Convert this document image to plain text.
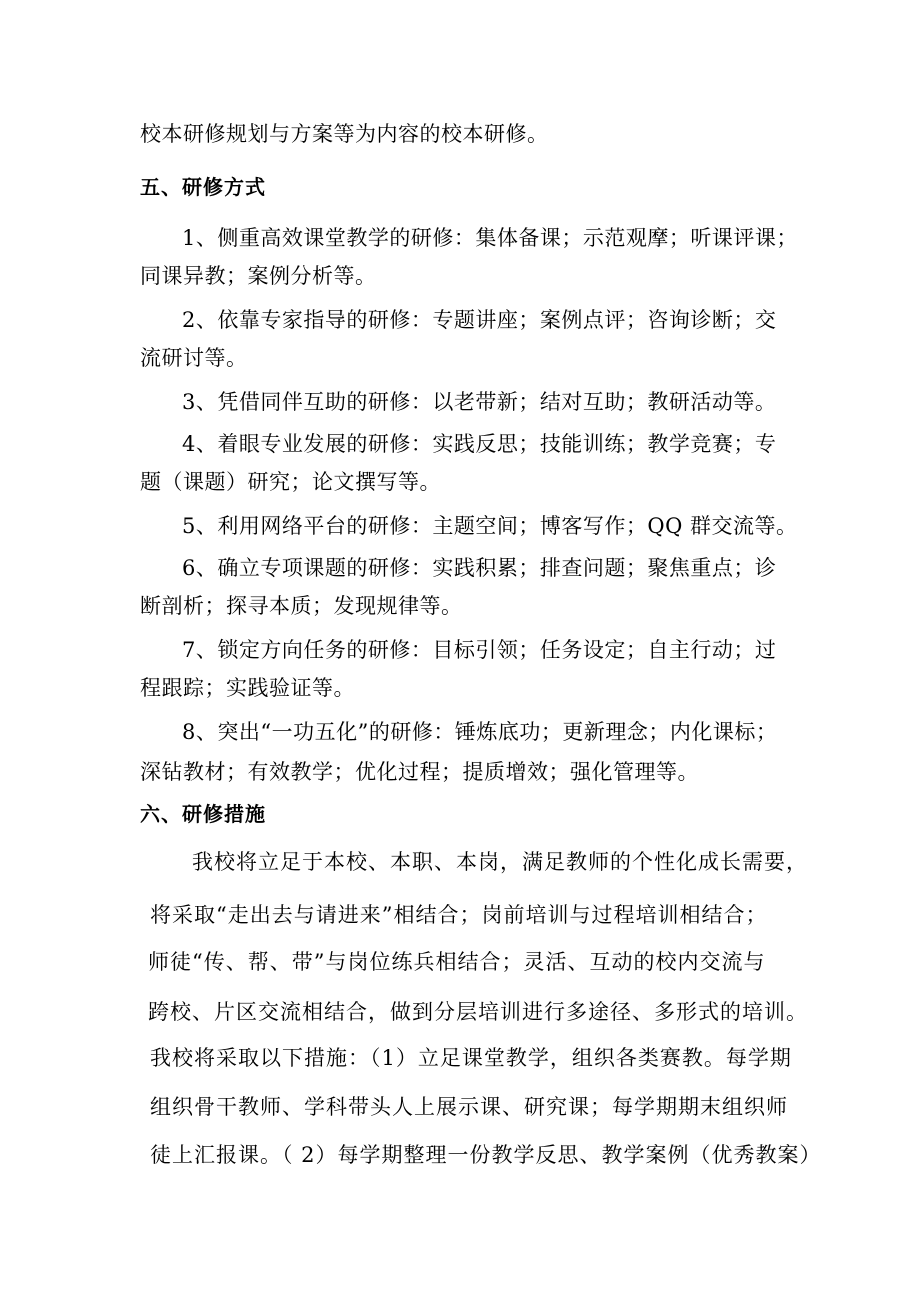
校本研修规划与方案等为内容的校本研修。
五、研修方式
1、侧重高效课堂教学的研修：集体备课；示范观摩；听课评课；
同课异教；案例分析等。
2、依靠专家指导的研修：专题讲座；案例点评；咨询诊断；交
流研讨等。
3、凭借同伴互助的研修：以老带新；结对互助；教研活动等。
4、着眼专业发展的研修：实践反思；技能训练；教学竞赛；专
题（课题）研究；论文撰写等。
5、利用网络平台的研修：主题空间；博客写作；QQ 群交流等。
6、确立专项课题的研修：实践积累；排查问题；聚焦重点；诊
断剖析；探寻本质；发现规律等。
7、锁定方向任务的研修：目标引领；任务设定；自主行动；过
程跟踪；实践验证等。
8、突出“一功五化”的研修：锤炼底功；更新理念；内化课标；
深钻教材；有效教学；优化过程；提质增效；强化管理等。
六、研修措施
我校将立足于本校、本职、本岗，满足教师的个性化成长需要，
将采取“走出去与请进来”相结合；岗前培训与过程培训相结合；
师徒“传、帮、带”与岗位练兵相结合；灵活、互动的校内交流与
跨校、片区交流相结合，做到分层培训进行多途径、多形式的培训。
我校将采取以下措施：（1）立足课堂教学，组织各类赛教。每学期
组织骨干教师、学科带头人上展示课、研究课；每学期期末组织师
徒上汇报课。（ 2）每学期整理一份教学反思、教学案例（优秀教案）
